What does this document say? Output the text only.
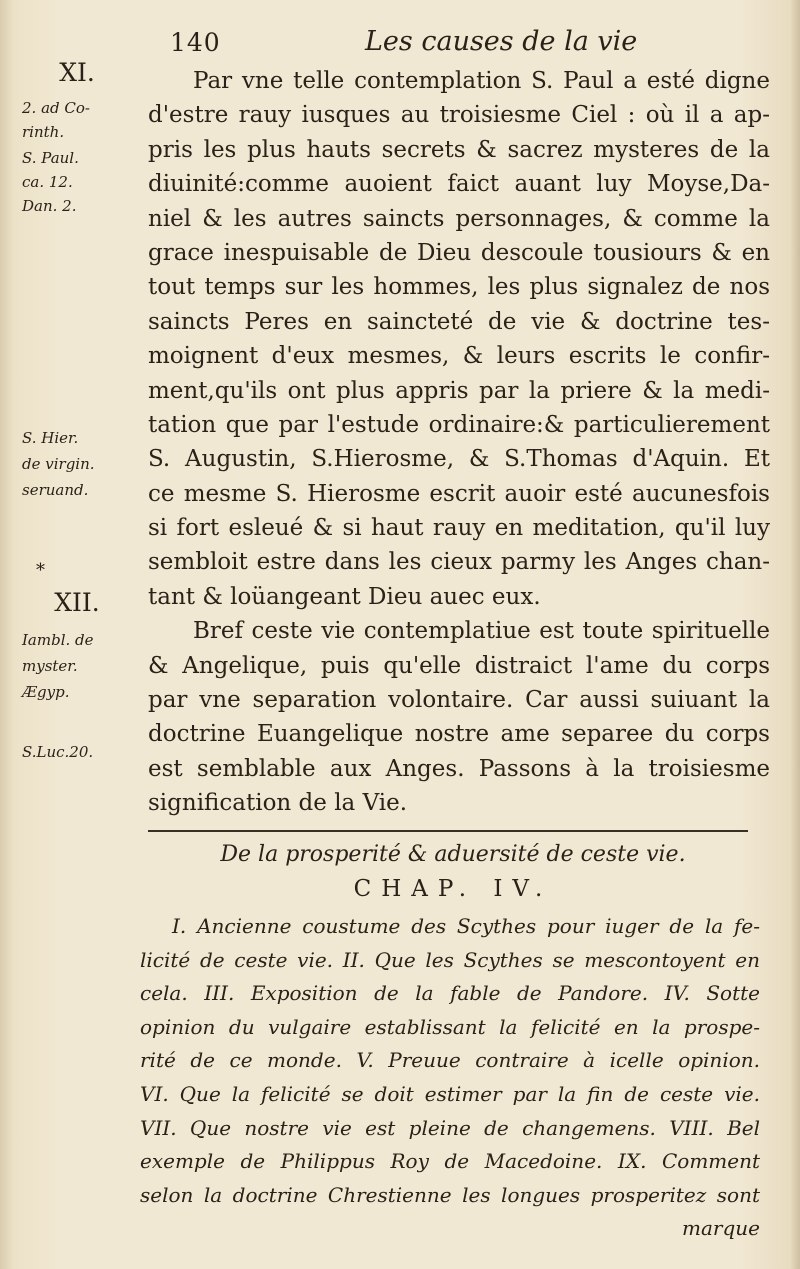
140	Les causes de la vie
XI.
2. ad Co-
rinth.
S. Paul.
ca. 12.
Dan. 2.
S. Hier.
de virgin.
seruand.
*
XII.
Iambl. de
myster.
Ægyp.
S.Luc.20.
Par vne telle contemplation S. Paul a esté digne
d'estre rauy iusques au troisiesme Ciel : où il a ap-
pris les plus hauts secrets & sacrez mysteres de la
diuinité:comme auoient faict auant luy Moyse,Da-
niel & les autres saincts personnages, & comme la
grace inespuisable de Dieu descoule tousiours & en
tout temps sur les hommes, les plus signalez de nos
saincts Peres en saincteté de vie & doctrine tes-
moignent d'eux mesmes, & leurs escrits le confir-
ment,qu'ils ont plus appris par la priere & la medi-
tation que par l'estude ordinaire:& particulierement
S. Augustin, S.Hierosme, & S.Thomas d'Aquin. Et
ce mesme S. Hierosme escrit auoir esté aucunesfois
si fort esleué & si haut rauy en meditation, qu'il luy
sembloit estre dans les cieux parmy les Anges chan-
tant & loüangeant Dieu auec eux.
Bref ceste vie contemplatiue est toute spirituelle
& Angelique, puis qu'elle distraict l'ame du corps
par vne separation volontaire. Car aussi suiuant la
doctrine Euangelique nostre ame separee du corps
est semblable aux Anges. Passons à la troisiesme
signification de la Vie.
De la prosperité & aduersité de ceste vie.
CHAP. IV.
I. Ancienne coustume des Scythes pour iuger de la fe-
licité de ceste vie. II. Que les Scythes se mescontoyent en
cela. III. Exposition de la fable de Pandore. IV. Sotte
opinion du vulgaire establissant la felicité en la prospe-
rité de ce monde. V. Preuue contraire à icelle opinion.
VI. Que la felicité se doit estimer par la fin de ceste vie.
VII. Que nostre vie est pleine de changemens. VIII. Bel
exemple de Philippus Roy de Macedoine. IX. Comment
selon la doctrine Chrestienne les longues prosperitez sont
marque
